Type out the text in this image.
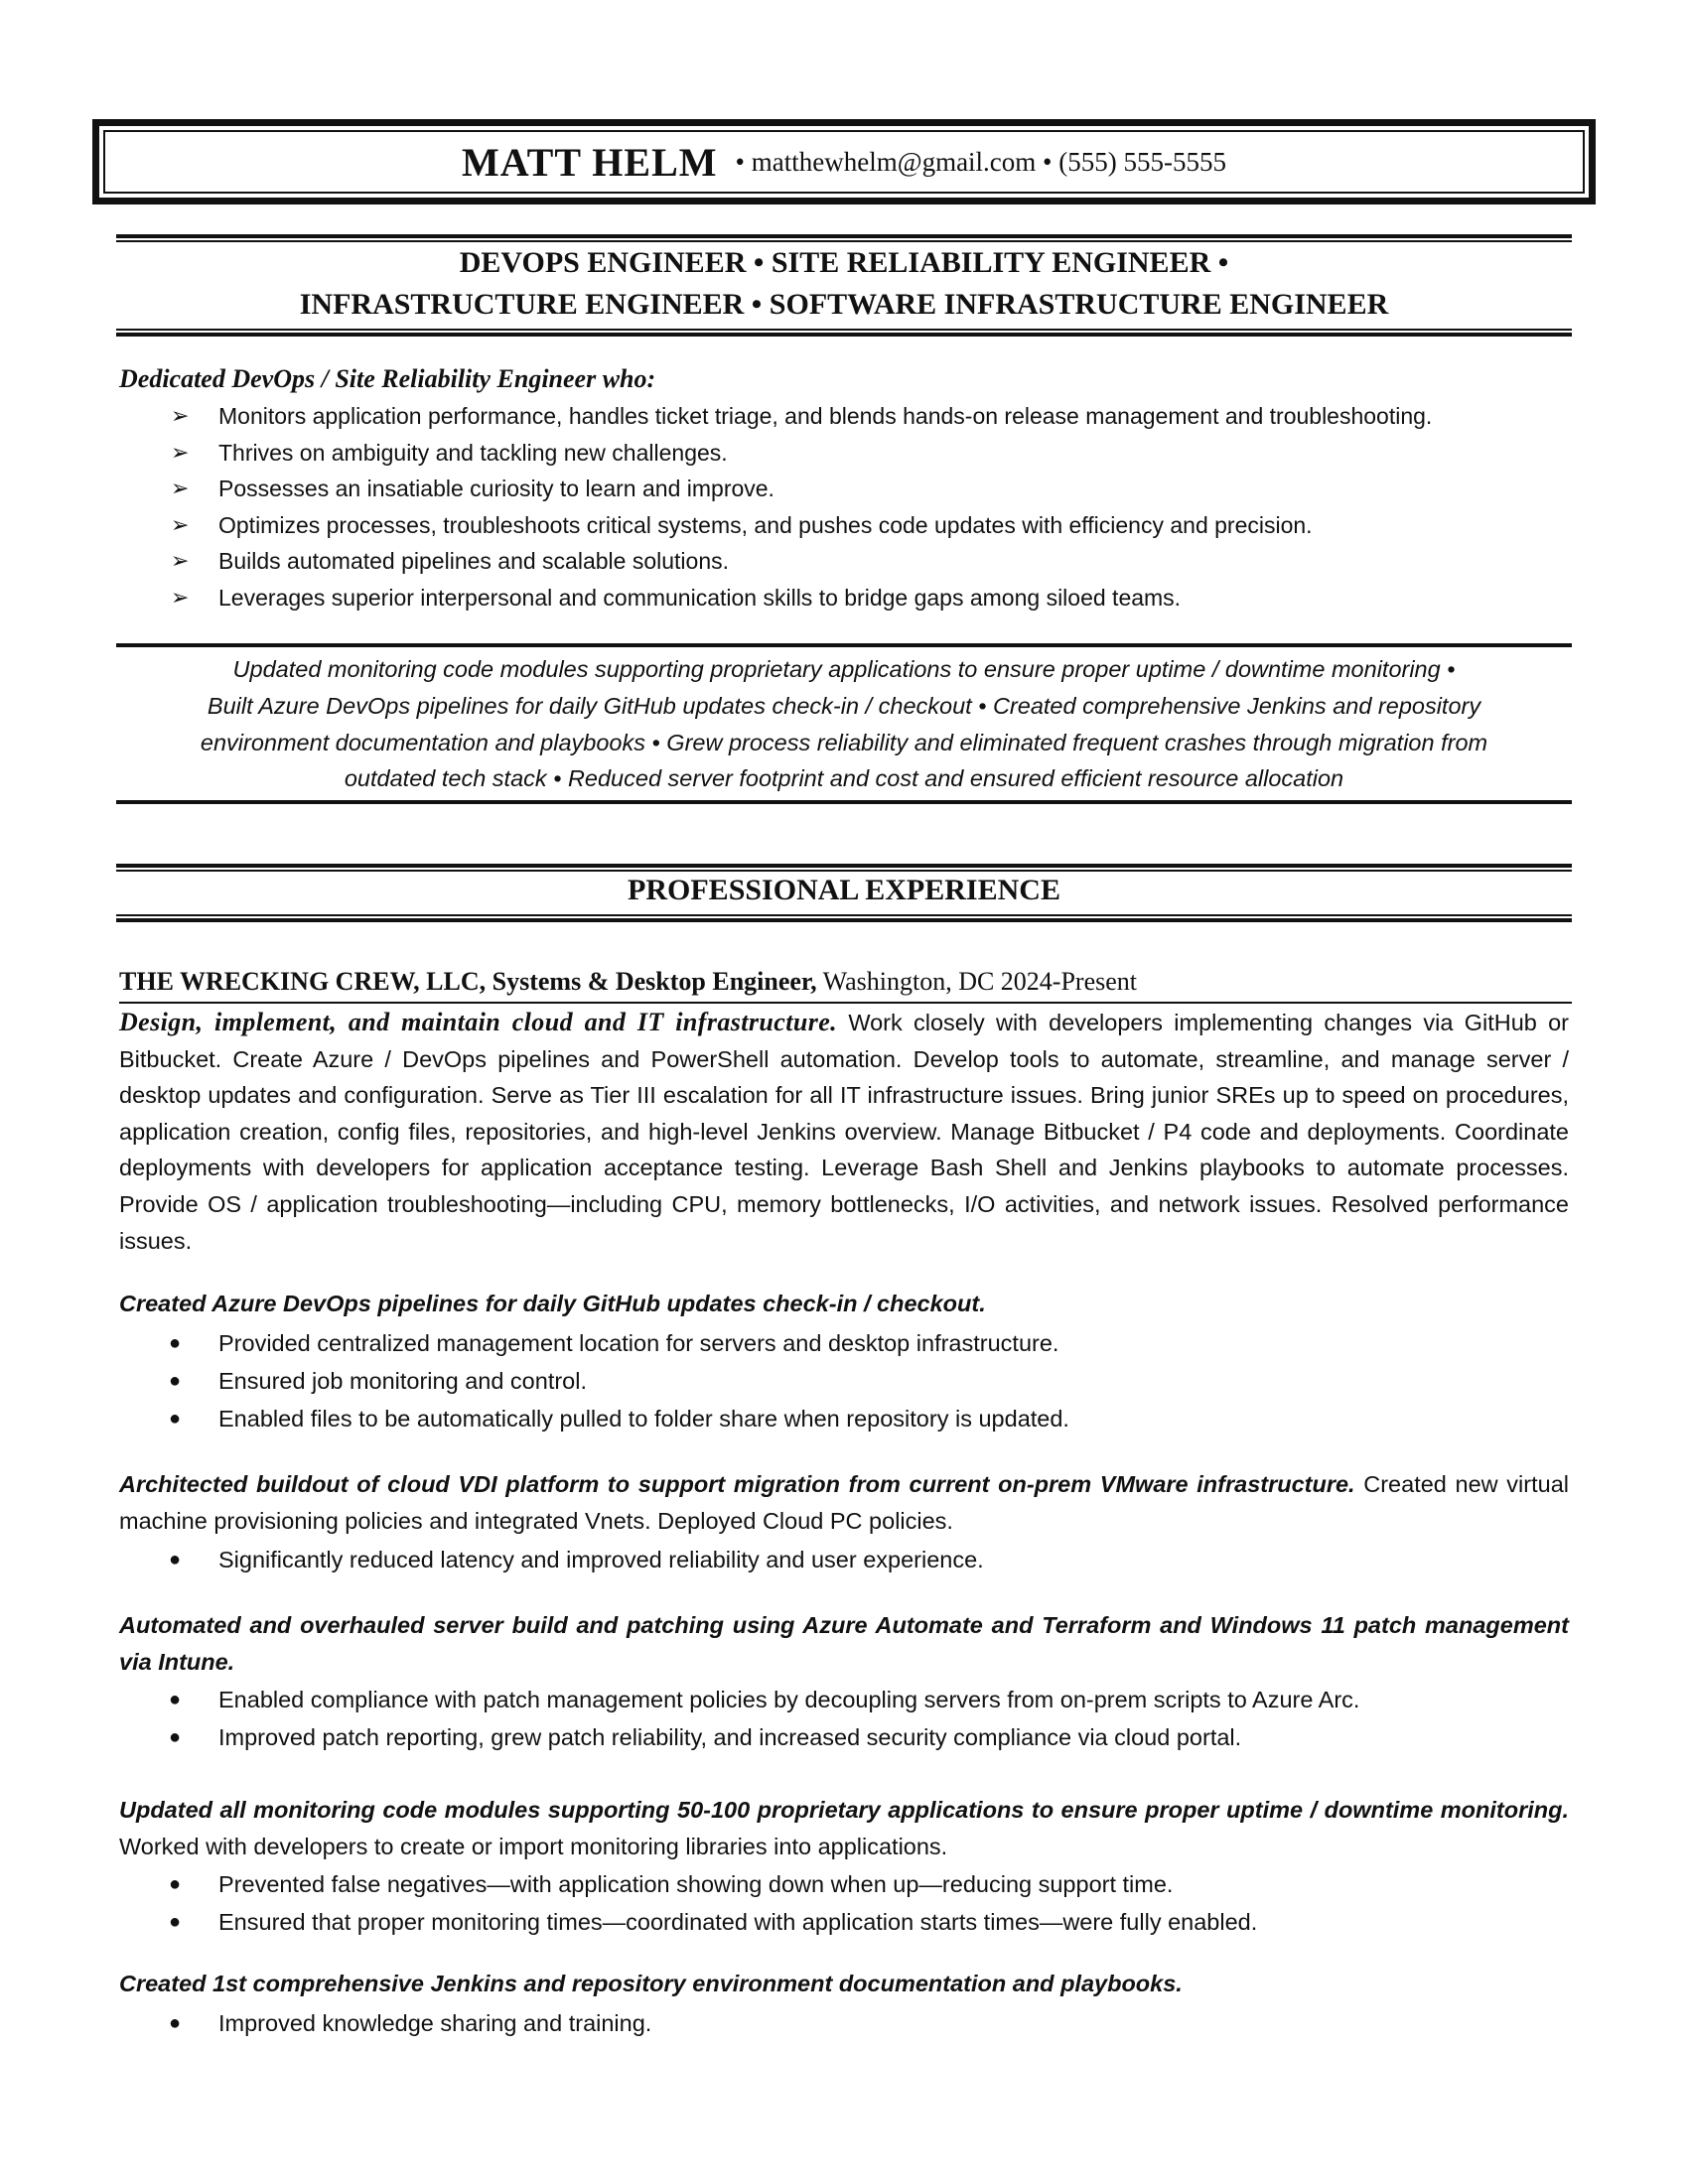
MATT HELM • matthewhelm@gmail.com • (555) 555-5555
DEVOPS ENGINEER • SITE RELIABILITY ENGINEER •
INFRASTRUCTURE ENGINEER • SOFTWARE INFRASTRUCTURE ENGINEER
Dedicated DevOps / Site Reliability Engineer who:
➢ Monitors application performance, handles ticket triage, and blends hands-on release management and troubleshooting.
➢ Thrives on ambiguity and tackling new challenges.
➢ Possesses an insatiable curiosity to learn and improve.
➢ Optimizes processes, troubleshoots critical systems, and pushes code updates with efficiency and precision.
➢ Builds automated pipelines and scalable solutions.
➢ Leverages superior interpersonal and communication skills to bridge gaps among siloed teams.
Updated monitoring code modules supporting proprietary applications to ensure proper uptime / downtime monitoring •
Built Azure DevOps pipelines for daily GitHub updates check-in / checkout • Created comprehensive Jenkins and repository
environment documentation and playbooks • Grew process reliability and eliminated frequent crashes through migration from
outdated tech stack • Reduced server footprint and cost and ensured efficient resource allocation
PROFESSIONAL EXPERIENCE
THE WRECKING CREW, LLC, Systems & Desktop Engineer, Washington, DC 2024-Present
Design, implement, and maintain cloud and IT infrastructure. Work closely with developers implementing changes via GitHub or Bitbucket. Create Azure / DevOps pipelines and PowerShell automation. Develop tools to automate, streamline, and manage server / desktop updates and configuration. Serve as Tier III escalation for all IT infrastructure issues. Bring junior SREs up to speed on procedures, application creation, config files, repositories, and high-level Jenkins overview. Manage Bitbucket / P4 code and deployments. Coordinate deployments with developers for application acceptance testing. Leverage Bash Shell and Jenkins playbooks to automate processes. Provide OS / application troubleshooting—including CPU, memory bottlenecks, I/O activities, and network issues. Resolved performance issues.
Created Azure DevOps pipelines for daily GitHub updates check-in / checkout.
● Provided centralized management location for servers and desktop infrastructure.
● Ensured job monitoring and control.
● Enabled files to be automatically pulled to folder share when repository is updated.
Architected buildout of cloud VDI platform to support migration from current on-prem VMware infrastructure. Created new virtual machine provisioning policies and integrated Vnets. Deployed Cloud PC policies.
● Significantly reduced latency and improved reliability and user experience.
Automated and overhauled server build and patching using Azure Automate and Terraform and Windows 11 patch management via Intune.
● Enabled compliance with patch management policies by decoupling servers from on-prem scripts to Azure Arc.
● Improved patch reporting, grew patch reliability, and increased security compliance via cloud portal.
Updated all monitoring code modules supporting 50-100 proprietary applications to ensure proper uptime / downtime monitoring. Worked with developers to create or import monitoring libraries into applications.
● Prevented false negatives—with application showing down when up—reducing support time.
● Ensured that proper monitoring times—coordinated with application starts times—were fully enabled.
Created 1st comprehensive Jenkins and repository environment documentation and playbooks.
● Improved knowledge sharing and training.
